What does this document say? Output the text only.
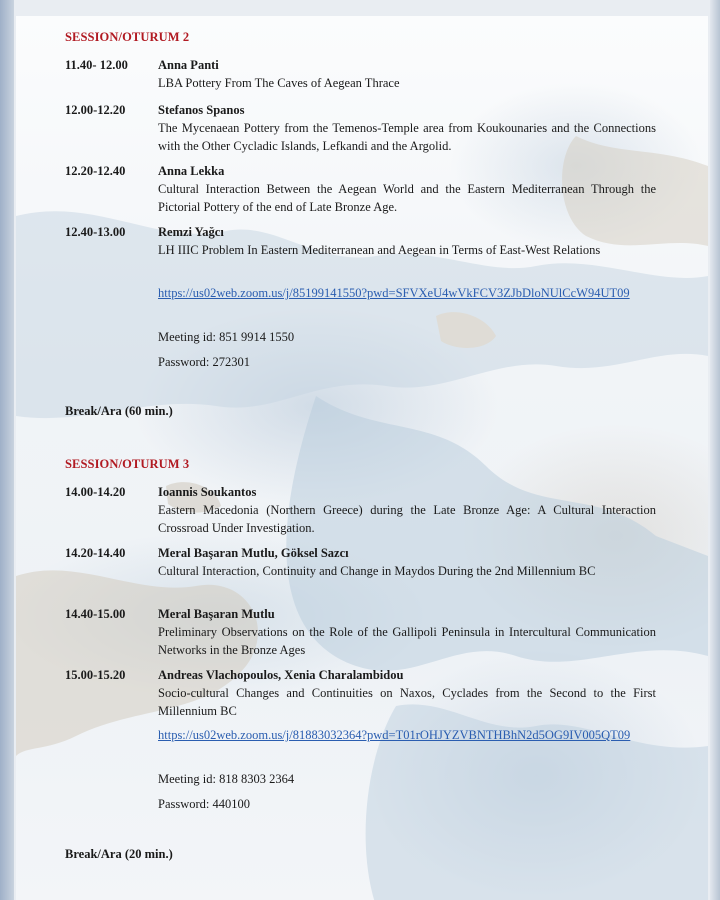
SESSION/OTURUM 2
11.40- 12.00 Anna Panti
LBA Pottery From The Caves of Aegean Thrace
12.00-12.20	Stefanos Spanos
The Mycenaean Pottery from the Temenos-Temple area from Koukounaries and the Connections with the Other Cycladic Islands, Lefkandi and the Argolid.
12.20-12.40	Anna Lekka
Cultural Interaction Between the Aegean World and the Eastern Mediterranean Through the Pictorial Pottery of the end of Late Bronze Age.
12.40-13.00	Remzi Yağcı
LH IIIC Problem In Eastern Mediterranean and Aegean in Terms of East-West Relations
https://us02web.zoom.us/j/85199141550?pwd=SFVXeU4wVkFCV3ZJbDloNUlCcW94UT09
Meeting id: 851 9914 1550
Password: 272301
Break/Ara (60 min.)
SESSION/OTURUM 3
14.00-14.20	Ioannis Soukantos
Eastern Macedonia (Northern Greece) during the Late Bronze Age: A Cultural Interaction Crossroad Under Investigation.
14.20-14.40	Meral Başaran Mutlu, Göksel Sazcı
Cultural Interaction, Continuity and Change in Maydos During the 2nd Millennium BC
14.40-15.00	Meral Başaran Mutlu
Preliminary Observations on the Role of the Gallipoli Peninsula in Intercultural Communication Networks in the Bronze Ages
15.00-15.20	Andreas Vlachopoulos, Xenia Charalambidou
Socio-cultural Changes and Continuities on Naxos, Cyclades from the Second to the First Millennium BC
https://us02web.zoom.us/j/81883032364?pwd=T01rOHJYZVBNTHBhN2d5OG9IV005QT09
Meeting id: 818 8303 2364
Password: 440100
Break/Ara (20 min.)
